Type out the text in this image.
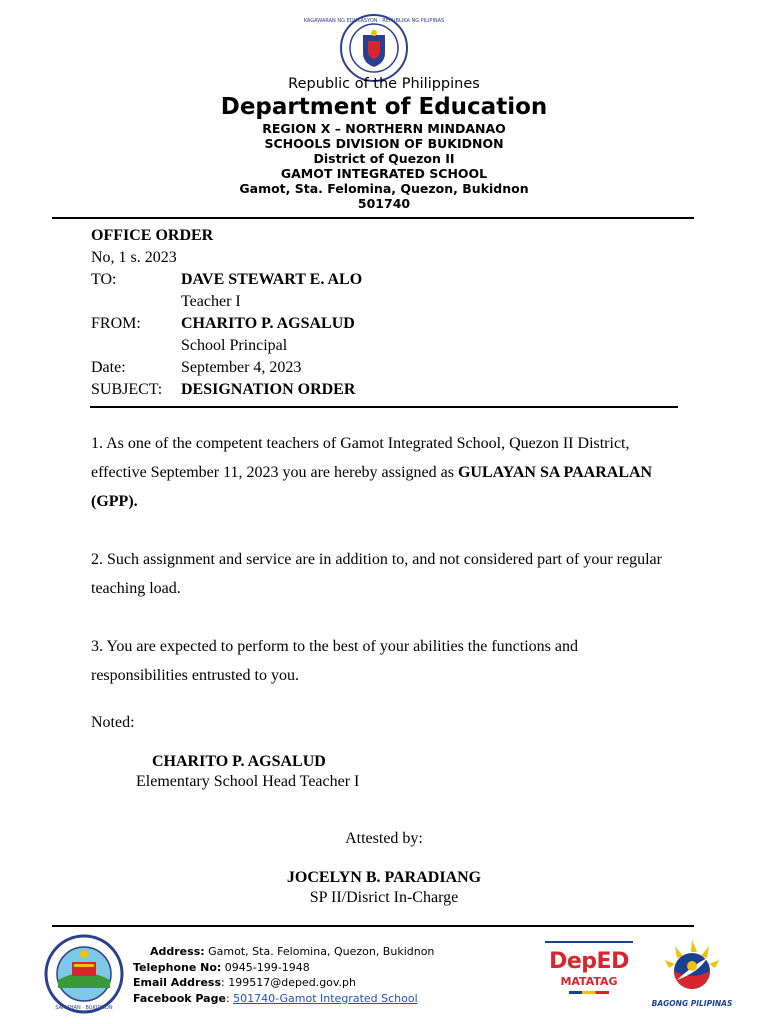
KAGAWARAN NG EDUKASYON · REPUBLIKA NG PILIPINAS
Republic of the Philippines
Department of Education
REGION X – NORTHERN MINDANAO
SCHOOLS DIVISION OF BUKIDNON
District of Quezon II
GAMOT INTEGRATED SCHOOL
Gamot, Sta. Felomina, Quezon, Bukidnon
501740
OFFICE ORDER
No, 1 s. 2023
TO:	DAVE STEWART E. ALO
Teacher I
FROM:	CHARITO P. AGSALUD
School Principal
Date:	September 4, 2023
SUBJECT: DESIGNATION ORDER
1. As one of the competent teachers of Gamot Integrated School, Quezon II District,
effective September 11, 2023 you are hereby assigned as GULAYAN SA PAARALAN
(GPP).
2. Such assignment and service are in addition to, and not considered part of your regular
teaching load.
3. You are expected to perform to the best of your abilities the functions and
responsibilities entrusted to you.
Noted:
CHARITO P. AGSALUD
Elementary School Head Teacher I
Attested by:
JOCELYN B. PARADIANG
SP II/Disrict In-Charge
SAMAHAN · BUKIDNON
Address: Gamot, Sta. Felomina, Quezon, Bukidnon
Telephone No: 0945-199-1948
Email Address: 199517@deped.gov.ph
Facebook Page: 501740-Gamot Integrated School
DepED
MATATAG
BAGONG PILIPINAS
